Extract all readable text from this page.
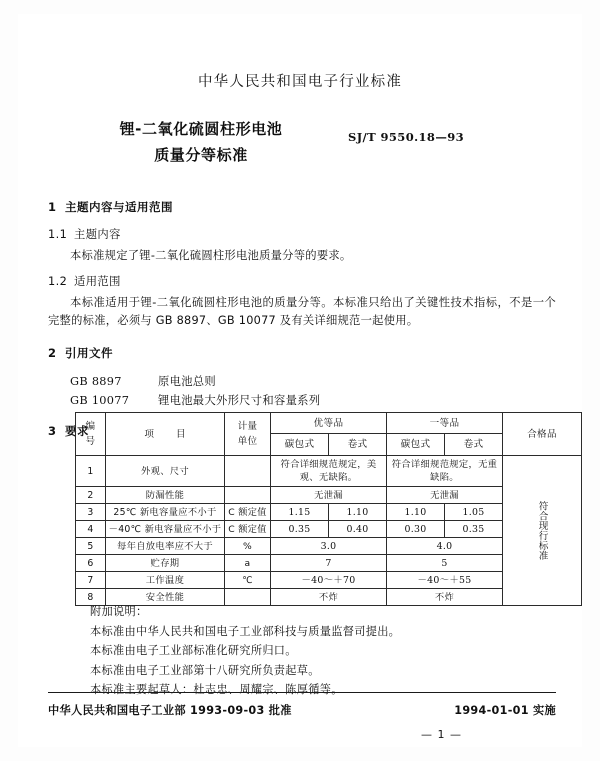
中华人民共和国电子行业标准
锂-二氧化硫圆柱形电池
质量分等标准
SJ/T 9550.18—93
1 主题内容与适用范围
1.1 主题内容

本标准规定了锂-二氧化硫圆柱形电池质量分等的要求。

1.2 适用范围

本标准适用于锂-二氧化硫圆柱形电池的质量分等。本标准只给出了关键性技术指标，不是一个完整的标准，必须与 GB 8897、GB 10077 及有关详细规范一起使用。

2 引用文件
GB 8897	原电池总则
GB 10077	锂电池最大外形尺寸和容量系列
3 要求
编
号	项目	计量
单位	优等品		一等品		合格品
			碳包式	卷式	碳包式	卷式	
1	外观、尺寸		符合详细规范规定，美观、无缺陷。		符合详细规范规定，无重缺陷。		符合现行标准
2	防漏性能		无泄漏		无泄漏		
3	25℃ 新电容量应不小于	C 额定值	1.15	1.10	1.10	1.05	
4	－40℃ 新电容量应不小于	C 额定值	0.35	0.40	0.30	0.35	
5	每年自放电率应不大于	%	3.0		4.0		
6	贮存期	a	7		5		
7	工作温度	℃	－40～＋70		－40～＋55		
8	安全性能		不炸		不炸		
附加说明：
本标准由中华人民共和国电子工业部科技与质量监督司提出。
本标准由电子工业部标准化研究所归口。
本标准由电子工业部第十八研究所负责起草。
本标准主要起草人：杜志忠、周耀宗、陈厚循等。
中华人民共和国电子工业部 1993-09-03 批准	1994-01-01 实施
— 1 —
